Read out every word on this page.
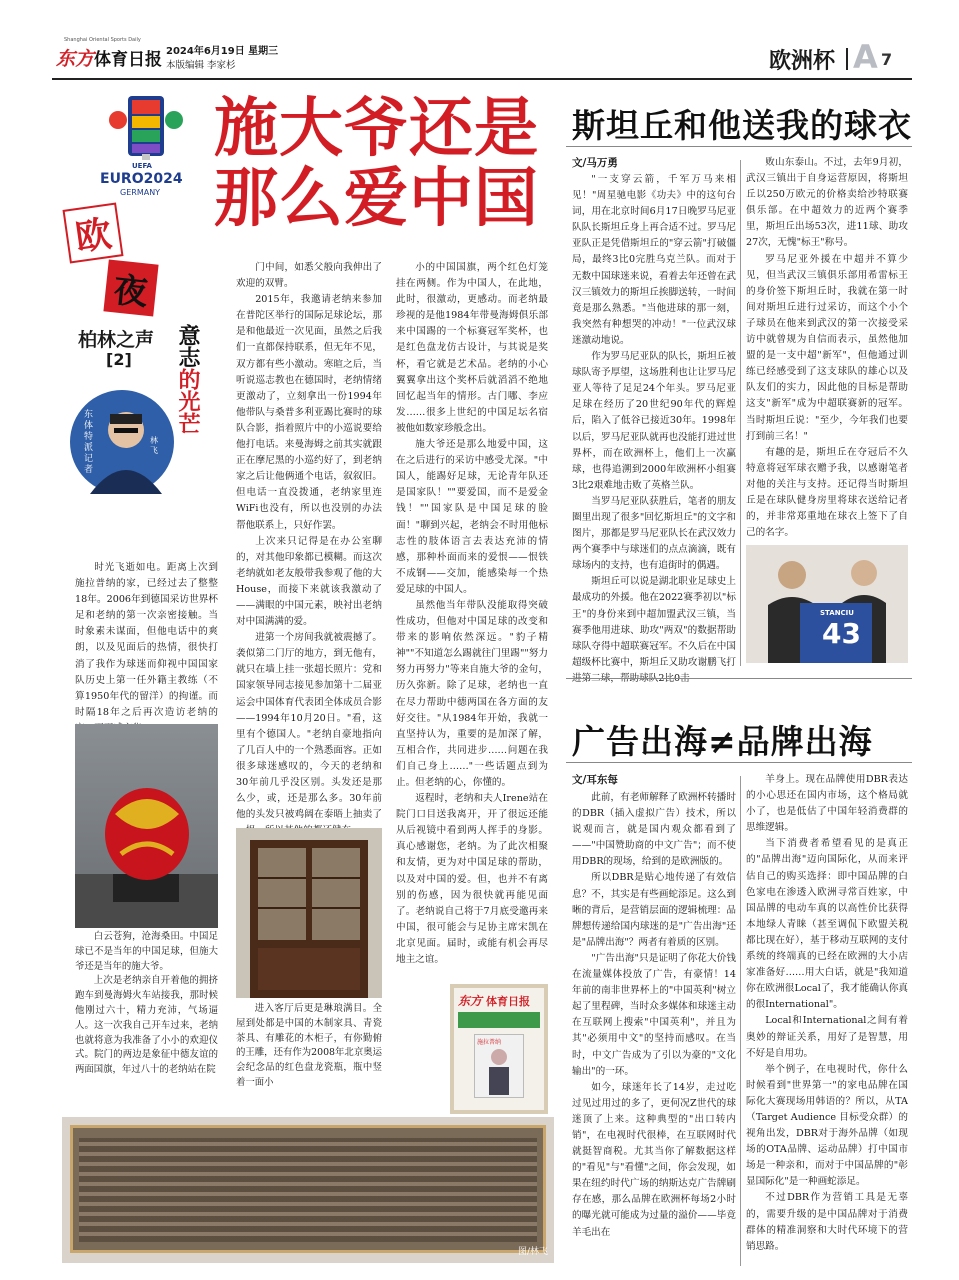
Shanghai Oriental Sports Daily
东方 体育日报 2024年6月19日 星期三
本版编辑 李家杉	欧洲杯 A 7
UEFA
EURO2024
GERMANY
欧
夜
柏林之声
[2] 意志的光芒
东体特派记者
林飞
施大爷还是
那么爱中国

时光飞逝如电。距离上次到施拉普纳的家，已经过去了整整18年。2006年到德国采访世界杯足和老纳的第一次亲密接触。当时象素未谋面，但他电话中的爽朗，以及见面后的热情，很快打消了我作为球迷而仰视中国国家队历史上第一任外籍主教练（不算1950年代的留洋）的拘谨。而时隔18年之后再次造访老纳的

白云苍狗，沧海桑田。中国足球已不是当年的中国足球，但施大爷还是当年的施大爷。

上次是老纳亲自开着他的拥挤跑车到曼海姆火车站接我，那时候他刚过六十，精力充沛，气场逼人。这一次我自己开车过来，老纳也就将意为我准备了小小的欢迎仪式。院门的两边是象征中德友谊的两面国旗，年过八十的老纳站在院

门中间，如悉父般向我伸出了欢迎的双臂。

2015年，我邀请老纳来参加在普陀区举行的国际足球论坛，那是和他最近一次见面，虽然之后我们一直都保持联系，但无年不见，双方都有些小激动。寒暄之后，当听说巡志教也在德国时，老纳情绪更激动了，立刻拿出一份1994年他带队与桑普多利亚踢比赛时的球队合影，指着照片中的小巡说要给他打电话。来曼海姆之前其实就跟正在摩尼黑的小巡约好了，到老纳家之后让他俩通个电话，叙叙旧。但电话一直没拨通，老纳家里连WiFi也没有，所以也没别的办法帮他联系上，只好作罢。

上次来只记得是在办公室聊的，对其他印象都已模糊。而这次老纳就如老友般带我参观了他的大House，而接下来就该我激动了——满眼的中国元素，映衬出老纳对中国满满的爱。

进第一个房间我就被震撼了。袭似第二门厅的地方，到无他有，就只在墙上挂一张超长照片：党和国家领导同志接见参加第十二届亚运会中国体育代表团全体成员合影——1994年10月20日。"看，这里有个德国人。"老纳自豪地指向了几百人中的一个熟悉面容。正如很多球迷感叹的，今天的老纳和30年前几乎没区别。头发还是那么少，或，还是那么多。30年前他的头发只被鸡阔在泰晤上抽卖了

进入客厅后更是琳琅满目。全屋到处都是中国的木制家具、青瓷茶具、有雕花的木柜子，有你勤俯的王雕，还有作为2008年北京奥运会纪念品的红色盘龙瓷瓶，瓶中竖着一面小

小的中国国旗，两个红色灯笼挂在两侧。作为中国人，在此地，此时，很激动，更感动。而老纳最珍视的是他1984年带曼海姆俱乐部来中国踢的一个标赛冠军奖杯，也是红色盘龙仿古设计，与其说是奖杯，看它就是艺术品。老纳的小心翼翼拿出这个奖杯后就滔滔不绝地回忆起当年的情形。古门哪、李应发……很多上世纪的中国足坛名宿被他如数家珍般念出。

施大爷还是那么地爱中国，这在之后进行的采访中感受尤深。"中国人，能踢好足球，无论青年队还是国家队！""要爱国，而不是爱金钱！""国家队是中国足球的脸面！"聊到兴起，老纳会不时用他标志性的肢体语言去表达充沛的情感，那种朴面而来的爱恨——恨铁不成钢——交加，能感染每一个热爱足球的中国人。

虽然他当年带队没能取得突破性成功，但他对中国足球的改变和带来的影响依然深远。"豹子精神""不知道怎么踢就往门里踢""努力努力再努力"等来自施大爷的金句，历久弥新。除了足球，老纳也一直在尽力帮助中德两国在各方面的友好交往。"从1984年开始，我就一直坚持认为，重要的是加深了解，互相合作，共同进步……问题在我们自己身上……"一些话题点到为止。但老纳的心，你懂的。

返程时，老纳和夫人Irene站在院门口目送我离开，开了很远还能从后视镜中看到两人挥手的身影。真心感谢您，老纳。为了此次相聚和友情，更为对中国足球的帮助，以及对中国的爱。但，也并不有离别的伤感，因为很快就再能见面了。老纳说自己将于7月底受邀再来中国，很可能会与足协主席宋凯在北京见面。届时，或能有机会再尽地主之谊。

东方 体育日报
施拉普纳
图/林飞
斯坦丘和他送我的球衣
文/马万勇

"一支穿云箭，千军万马来相见！"周星驰电影《功夫》中的这句台词，用在北京时间6月17日晚罗马尼亚队队长斯坦丘身上再合适不过。罗马尼亚队正是凭借斯坦丘的"穿云箭"打破僵局，最终3比0完胜乌克兰队。而对于无数中国球迷来说，看着去年还曾在武汉三镇效力的斯坦丘挨脚送转，一时间竟是那么熟悉。"当他进球的那一刻，我突然有种想哭的冲动！"一位武汉球迷激动地说。

作为罗马尼亚队的队长，斯坦丘被球队寄予厚望，这场胜利也让让罗马尼亚人等待了足足24个年头。罗马尼亚足球在经历了20世纪90年代的辉煌后，陷入了低谷已接近30年。1998年以后，罗马尼亚队就再也没能打进过世界杯，而在欧洲杯上，他们上一次赢球，也得追溯到2000年欧洲杯小组赛3比2艰难地击败了英格兰队。

当罗马尼亚队获胜后，笔者的朋友圈里出现了很多"回忆斯坦丘"的文字和图片，那都是罗马尼亚队长在武汉效力两个赛季中与球迷们的点点滴滴，既有球场内的支持，也有追街时的偶遇。

斯坦丘可以说是湖北职业足球史上最成功的外援。他在2022赛季初以"标王"的身份来到中超加盟武汉三镇，当赛季他用进球、助攻"两双"的数据帮助球队夺得中超联赛冠军。不久后在中国超级杯比赛中，斯坦丘又助攻谢鹏飞打

败山东泰山。不过，去年9月初，武汉三镇出于自身运营原因，将斯坦丘以250万欧元的价格卖给沙特联赛俱乐部。在中超效力的近两个赛季里，斯坦丘出场53次，进11球、助攻27次，无愧"标王"称号。

罗马尼亚外援在中超并不算少见，但当武汉三镇俱乐部用希雷标王的身价签下斯坦丘时，我就在第一时间对斯坦丘进行过采访，而这个小个子球员在他来到武汉的第一次接受采访中就曾规为自信而表示，虽然他加盟的是一支中超"新军"，但他通过训练已经感受到了这支球队的雄心以及队友们的实力，因此他的目标是帮助这支"新军"成为中超联赛新的冠军。当时斯坦丘说："至少，今年我们也要打到前三名！"

有趣的是，斯坦丘在夺冠后不久特意将冠军球衣赠予我，以感谢笔者对他的关注与支持。还记得当时斯坦丘是在球队健身房里将球衣送给记者的，并非常郑重地在球衣上签下了自己的名字。

STANCIU
43
广告出海≠品牌出海
文/耳东每

此前，有老师解释了欧洲杯转播时的DBR（插入虚拟广告）技术，所以说观而言，就是国内观众都看到了——"中国赞助商的中文广告"；而不使用DBR的现场，给到的是欧洲版的。

所以DBR是贴心地传递了有效信息？不，其实是有些画蛇添足。这么到晰的背后，是营销层面的逻辑梳理：品牌想传递给国内球迷的是"广告出海"还是"品牌出海"？两者有着质的区别。

"广告出海"只是证明了你花大价钱在流量媒体投放了广告，有豪情！14年前的南非世界杯上的"中国英利"树立起了里程碑，当时众多媒体和球迷主动在互联网上搜索"中国英利"，并且为其"必须用中文"的坚持而感叹。在当时，中文广告成为了引以为豪的"文化输出"的一环。

如今，球迷年长了14岁，走过吃过见过用过的多了，更何况Z世代的球迷顶了上来。这种典型的"出口转内销"，在电视时代很棒，在互联网时代就挺智商税。尤其当你了解数据这样的"看见"与"看懂"之间，你会发现，如果在纽约时代广场的纳斯达克广告牌刷存在感，那么品牌在欧洲杯每场2小时的曝光就可能成为过量的溢价——毕竟羊毛出在

羊身上。现在品牌使用DBR表达的小心思还在国内市场，这个格局就小了，也是低估了中国年轻消费群的思维逻辑。

当下消费者希望看见的是真正的"品牌出海"迈向国际化，从而来评估自己的购买选择：即中国品牌的白色家电在渗透入欧洲寻常百姓家，中国品牌的电动车真的以高性价比获得本地绿人青睐（甚至调侃下欧盟关税都比现在好），基于移动互联网的支付系统的终端真的已经在欧洲的大小店家准备好……用大白话，就是"我知道你在欧洲很Local了，我才能确认你真的很International"。

Local和International之间有着奥妙的辩证关系，用好了是智慧，用不好是自用功。

举个例子，在电视时代，你什么时候看到"世界第一"的家电品牌在国际化大赛现场用韩语的？所以，从TA（Target Audience 目标受众群）的视角出发，DBR对于海外品牌（如现场的OTA品牌、运动品牌）打中国市场是一种亲和，而对于中国品牌的"彰显国际化"是一种画蛇添足。

不过DBR作为营销工具是无辜的，需要升级的是中国品牌对于消费群体的精准洞察和大时代环境下的营销思路。
